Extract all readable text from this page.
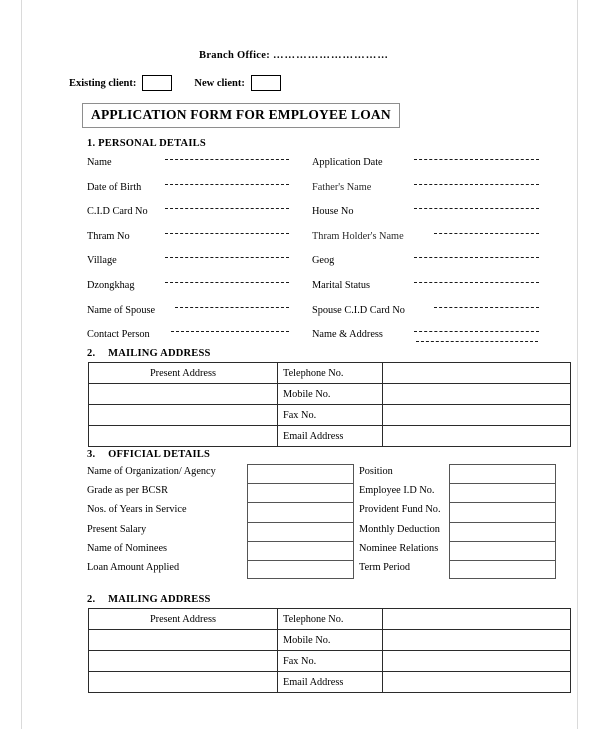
Branch Office: …………………………
Existing client:	New client:
APPLICATION FORM FOR EMPLOYEE LOAN
1. PERSONAL DETAILS
Name	Application Date
Date of Birth	Father's Name
C.I.D Card No	House No
Thram No	Thram Holder's Name
Village	Geog
Dzongkhag	Marital Status
Name of Spouse	Spouse C.I.D Card No
Contact Person	Name & Address
2. MAILING ADDRESS
Present Address	Telephone No.	
	Mobile No.	
	Fax No.	
	Email Address	
3. OFFICIAL DETAILS
Name of Organization/ Agency	Position
Grade as per BCSR	Employee I.D No.
Nos. of Years in Service	Provident Fund No.
Present Salary	Monthly Deduction
Name of Nominees	Nominee Relations
Loan Amount Applied	Term Period
2. MAILING ADDRESS
Present Address	Telephone No.	
	Mobile No.	
	Fax No.	
	Email Address	
